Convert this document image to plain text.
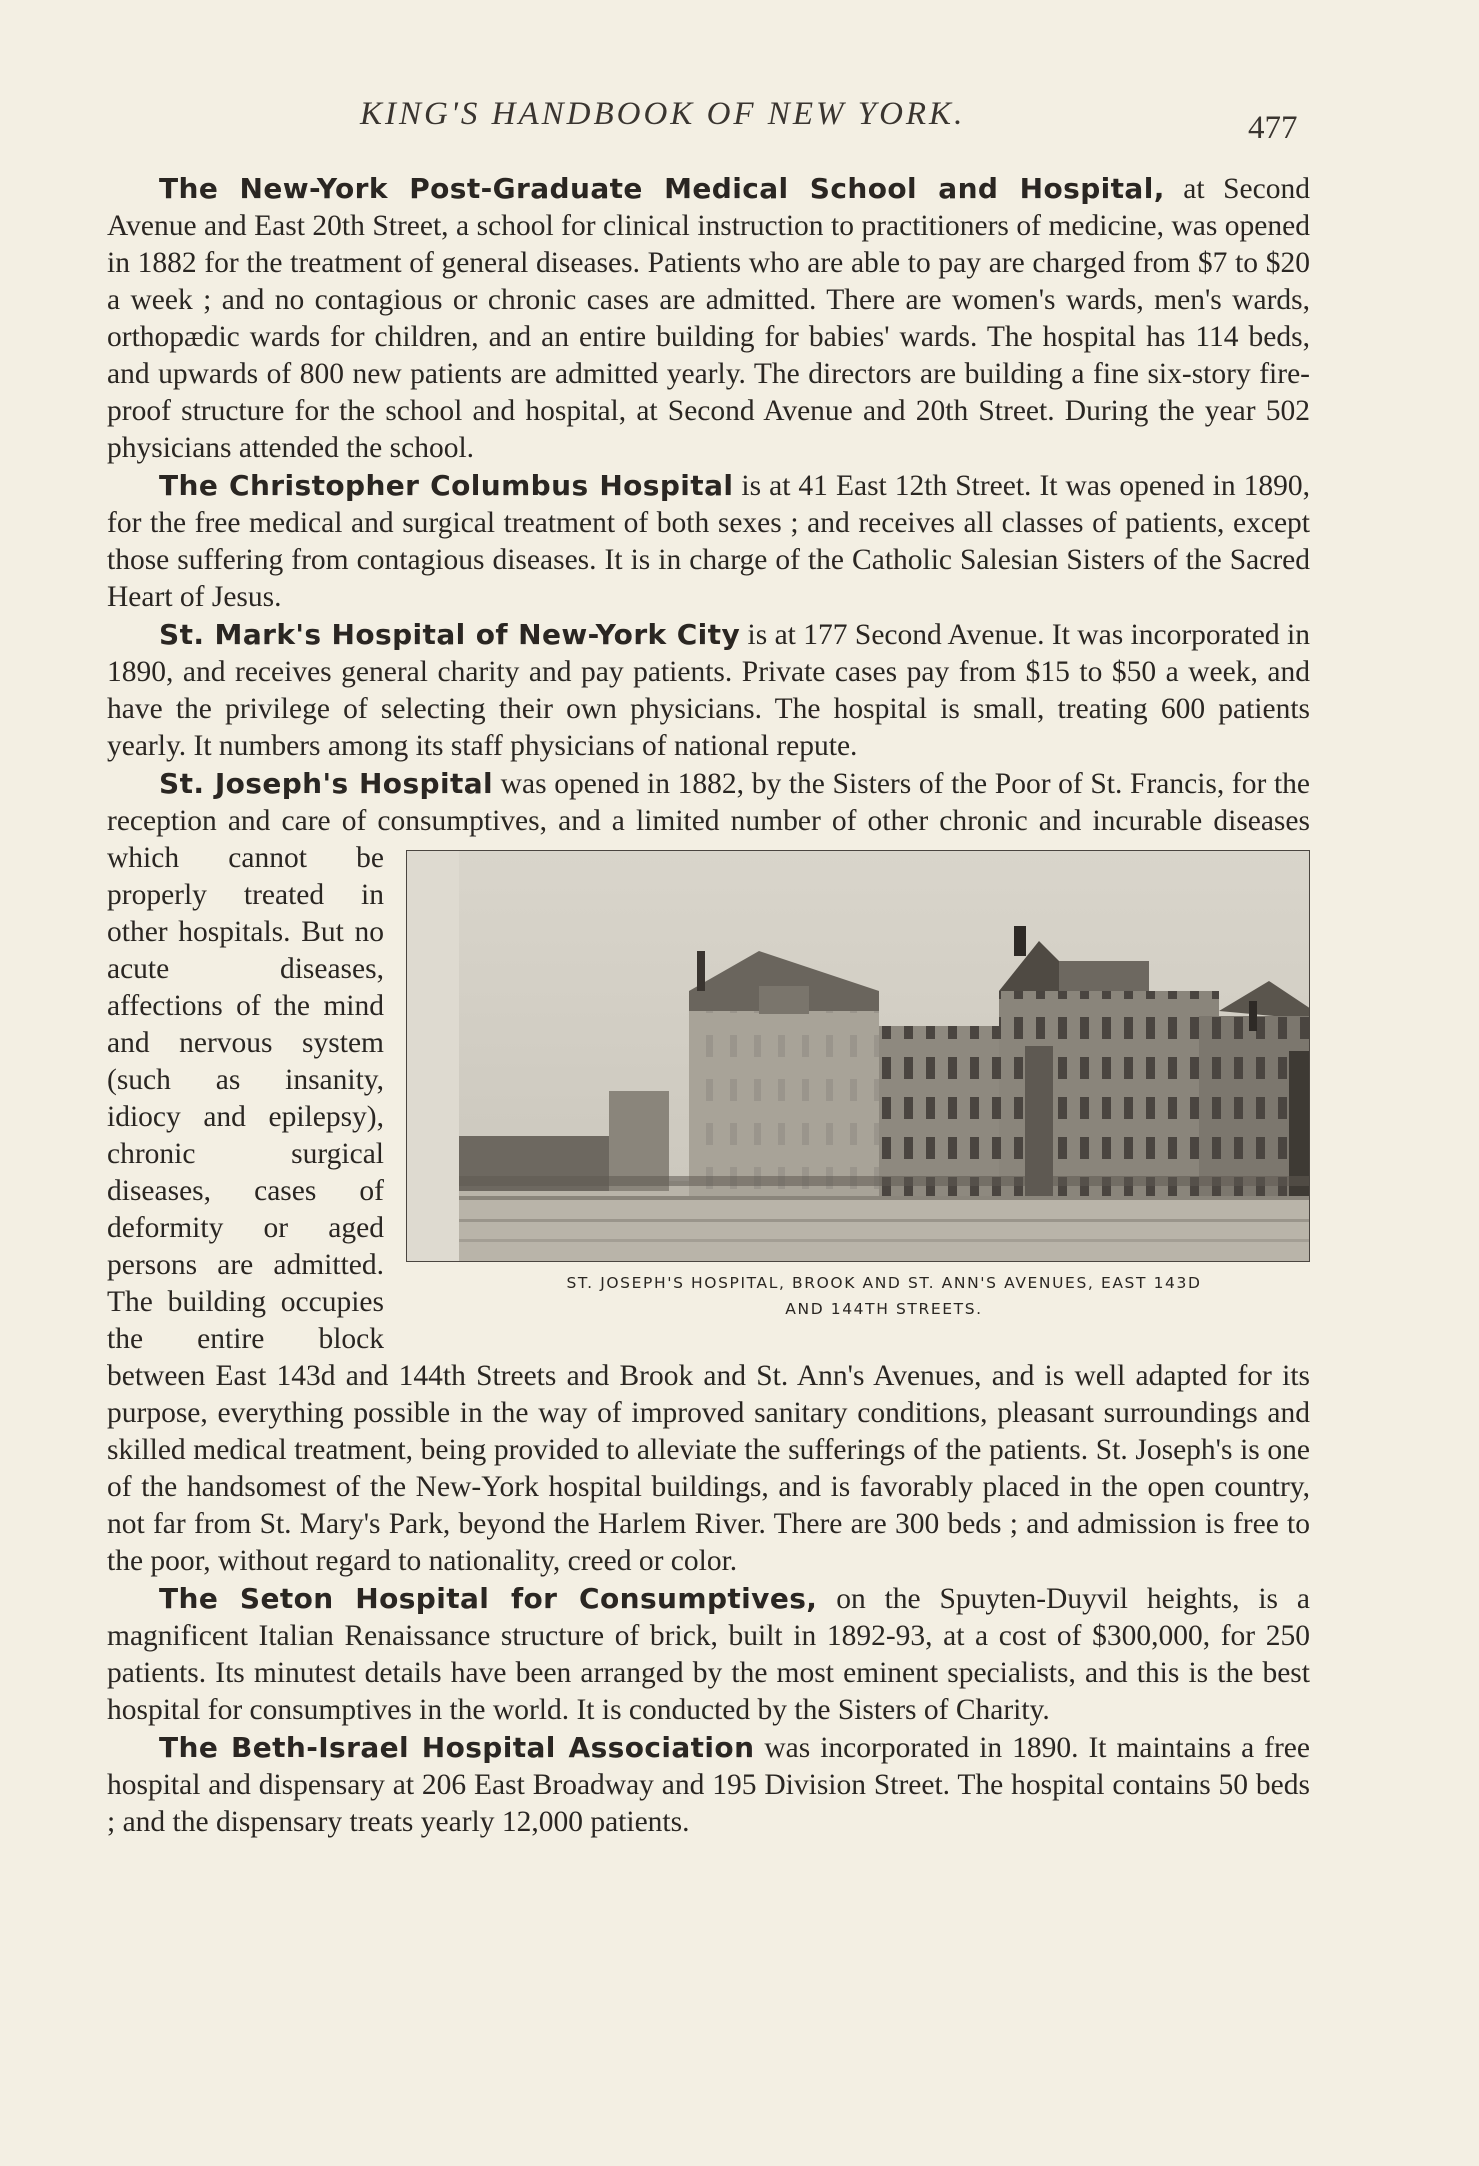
KING'S HANDBOOK OF NEW YORK.	477

The New-York Post-Graduate Medical School and Hospital, at Second Avenue and East 20th Street, a school for clinical instruction to practitioners of medicine, was opened in 1882 for the treatment of general diseases. Patients who are able to pay are charged from $7 to $20 a week ; and no contagious or chronic cases are admitted. There are women's wards, men's wards, orthopædic wards for children, and an entire building for babies' wards. The hospital has 114 beds, and upwards of 800 new patients are admitted yearly. The directors are building a fine six-story fire-proof structure for the school and hospital, at Second Avenue and 20th Street. During the year 502 physicians attended the school.

The Christopher Columbus Hospital is at 41 East 12th Street. It was opened in 1890, for the free medical and surgical treatment of both sexes ; and receives all classes of patients, except those suffering from contagious diseases. It is in charge of the Catholic Salesian Sisters of the Sacred Heart of Jesus.

St. Mark's Hospital of New-York City is at 177 Second Avenue. It was incorporated in 1890, and receives general charity and pay patients. Private cases pay from $15 to $50 a week, and have the privilege of selecting their own physicians. The hospital is small, treating 600 patients yearly. It numbers among its staff physicians of national repute.

St. Joseph's Hospital was opened in 1882, by the Sisters of the Poor of St. Francis, for the reception and care of consumptives, and a limited number of other
ST. JOSEPH'S HOSPITAL, BROOK AND ST. ANN'S AVENUES, EAST 143D
AND 144TH STREETS.
chronic and incurable diseases which cannot be properly treated in other hospitals. But no acute diseases, affections of the mind and nervous system (such as insanity, idiocy and epilepsy), chronic surgical diseases, cases of deformity or aged persons are admitted. The building occupies the entire block between East 143d and 144th Streets and Brook and St. Ann's Avenues, and is well adapted for its purpose, everything possible in the way of improved sanitary conditions, pleasant surroundings and skilled medical treatment, being provided to alleviate the sufferings of the patients. St. Joseph's is one of the handsomest of the New-York hospital buildings, and is favorably placed in the open country, not far from St. Mary's Park, beyond the Harlem River. There are 300 beds ; and admission is free to the poor, without regard to nationality, creed or color.

The Seton Hospital for Consumptives, on the Spuyten-Duyvil heights, is a magnificent Italian Renaissance structure of brick, built in 1892-93, at a cost of $300,000, for 250 patients. Its minutest details have been arranged by the most eminent specialists, and this is the best hospital for consumptives in the world. It is conducted by the Sisters of Charity.

The Beth-Israel Hospital Association was incorporated in 1890. It maintains a free hospital and dispensary at 206 East Broadway and 195 Division Street. The hospital contains 50 beds ; and the dispensary treats yearly 12,000 patients.
